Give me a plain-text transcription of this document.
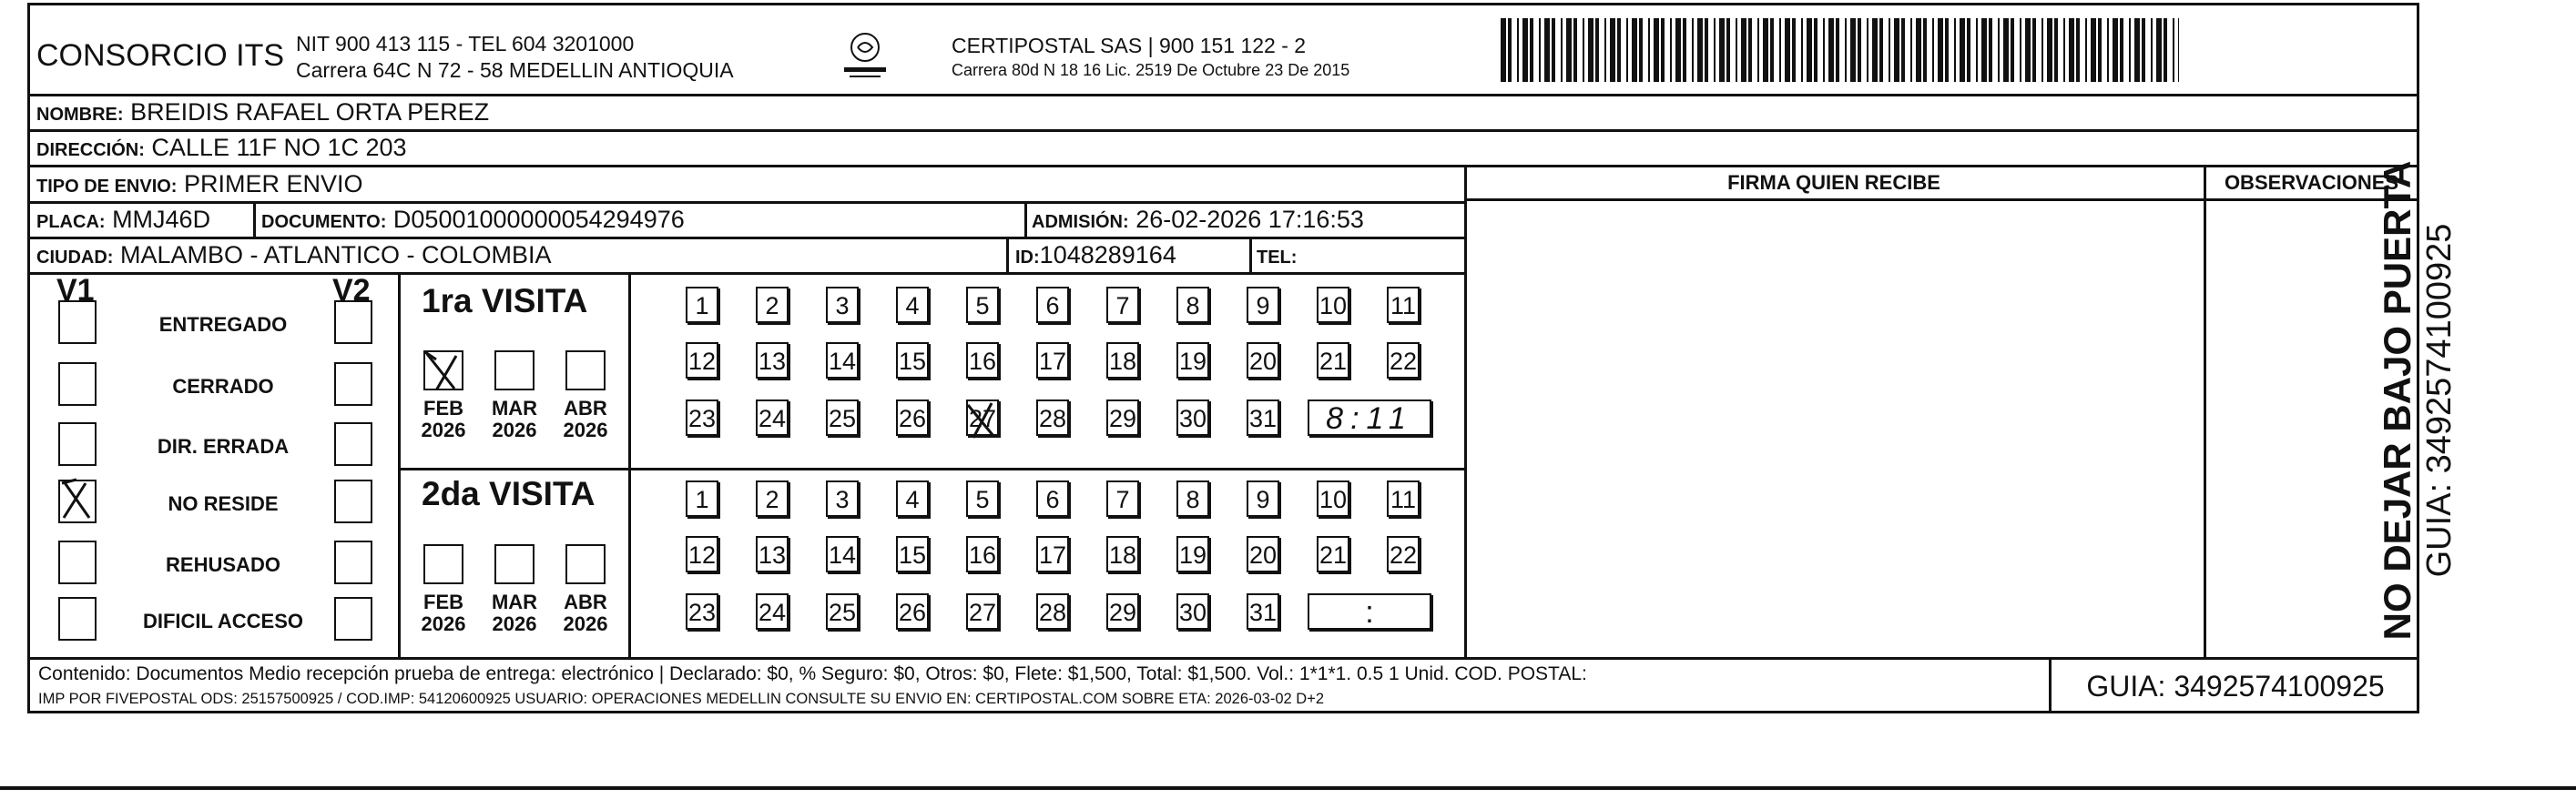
CONSORCIO ITS NIT 900 413 115 - TEL 604 3201000
Carrera 64C N 72 - 58 MEDELLIN ANTIOQUIA
CERTIPOSTAL SAS | 900 151 122 - 2
Carrera 80d N 18 16 Lic. 2519 De Octubre 23 De 2015
NOMBRE: BREIDIS RAFAEL ORTA PEREZ
DIRECCIÓN: CALLE 11F NO 1C 203
TIPO DE ENVIO: PRIMER ENVIO
PLACA: MMJ46D	DOCUMENTO: D05001000000054294976	ADMISIÓN: 26-02-2026 17:16:53
CIUDAD: MALAMBO - ATLANTICO - COLOMBIA	ID:1048289164	TEL:
FIRMA QUIEN RECIBE	OBSERVACIONES
V1	V2
ENTREGADO
CERRADO
DIR. ERRADA
NO RESIDE
REHUSADO
DIFICIL ACCESO
1ra VISITA
2da VISITA
FEB
2026
MAR
2026
ABR
2026
1	2	3	4	5	6	7	8	9	10 11
12 13 14 15 16 17 18 19 20 21 22
23 24 25 26 27 28 29 30 31	8:11
FEB
2026
MAR
2026
ABR
2026
1	2	3	4	5	6	7	8	9	10 11
12 13 14 15 16 17 18 19 20 21 22
23 24 25 26 27 28 29 30 31	:
Contenido: Documentos Medio recepción prueba de entrega: electrónico | Declarado: $0, % Seguro: $0, Otros: $0, Flete: $1,500, Total: $1,500. Vol.: 1*1*1. 0.5 1 Unid. COD. POSTAL:
IMP POR FIVEPOSTAL ODS: 25157500925 / COD.IMP: 54120600925 USUARIO: OPERACIONES MEDELLIN CONSULTE SU ENVIO EN: CERTIPOSTAL.COM SOBRE ETA: 2026-03-02 D+2	GUIA: 3492574100925
NO DEJAR BAJO PUERTA GUIA: 3492574100925
